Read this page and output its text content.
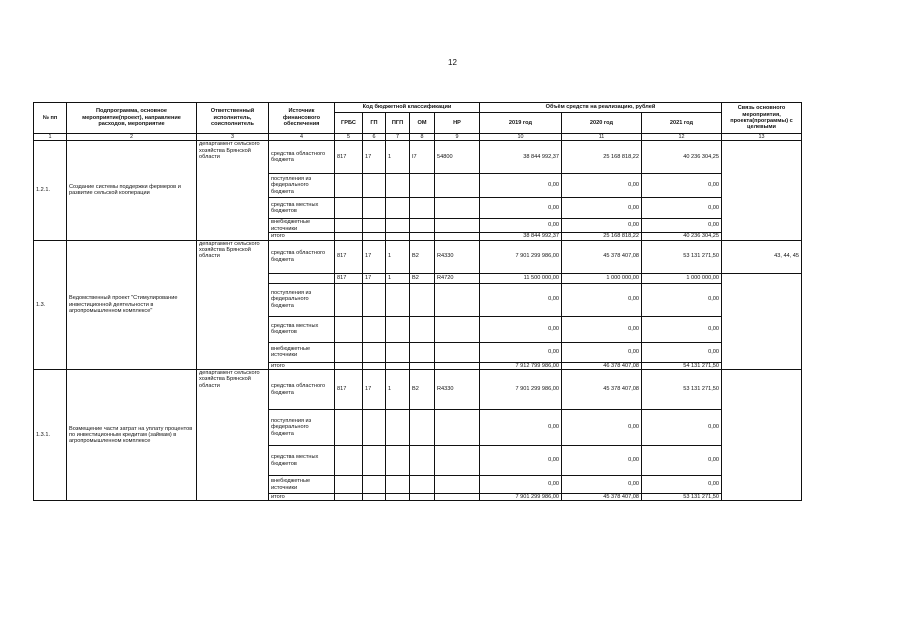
12
№ пп	Подпрограмма, основное мероприятие(проект), направление расходов, мероприятие	Ответственный исполнитель, соисполнитель	Источник финансового обеспечения	Код бюджетной классификации					Объём средств на реализацию, рублей			Связь основного мероприятия, проекта(программы) с целевыми
				ГРБС	ГП	ПГП	ОМ	НР	2019 год	2020 год	2021 год	
1	2	3	4	5	6	7	8	9	10	11	12	13
1.2.1.	Создание системы поддержки фермеров и развитие сельской кооперации	департамент сельского хозяйства Брянской области	средства областного бюджета	817	17	1	I7	54800	38 844 992,37	25 168 818,22	40 236 304,25	
			поступления из федерального бюджета						0,00	0,00	0,00	
			средства местных бюджетов						0,00	0,00	0,00	
			внебюджетные источники						0,00	0,00	0,00	
			итого						38 844 992,37	25 168 818,22	40 236 304,25	
1.3.	Ведомственный проект "Стимулирование инвестиционной деятельности в агропромышленном комплексе"	департамент сельского хозяйства Брянской области	средства областного бюджета	817	17	1	B2	R4330	7 901 299 986,00	45 378 407,08	53 131 271,50	43, 44, 45
				817	17	1	B2	R4720	11 500 000,00	1 000 000,00	1 000 000,00	
			поступления из федерального бюджета						0,00	0,00	0,00	
			средства местных бюджетов						0,00	0,00	0,00	
			внебюджетные источники						0,00	0,00	0,00	
			итого						7 912 799 986,00	46 378 407,08	54 131 271,50	
1.3.1.	Возмещение части затрат на уплату процентов по инвестиционным кредитам (займам) в агропромышленном комплексе	департамент сельского хозяйства Брянской области	средства областного бюджета	817	17	1	B2	R4330	7 901 299 986,00	45 378 407,08	53 131 271,50	
			поступления из федерального бюджета						0,00	0,00	0,00	
			средства местных бюджетов						0,00	0,00	0,00	
			внебюджетные источники						0,00	0,00	0,00	
			итого						7 901 299 986,00	45 378 407,08	53 131 271,50	
